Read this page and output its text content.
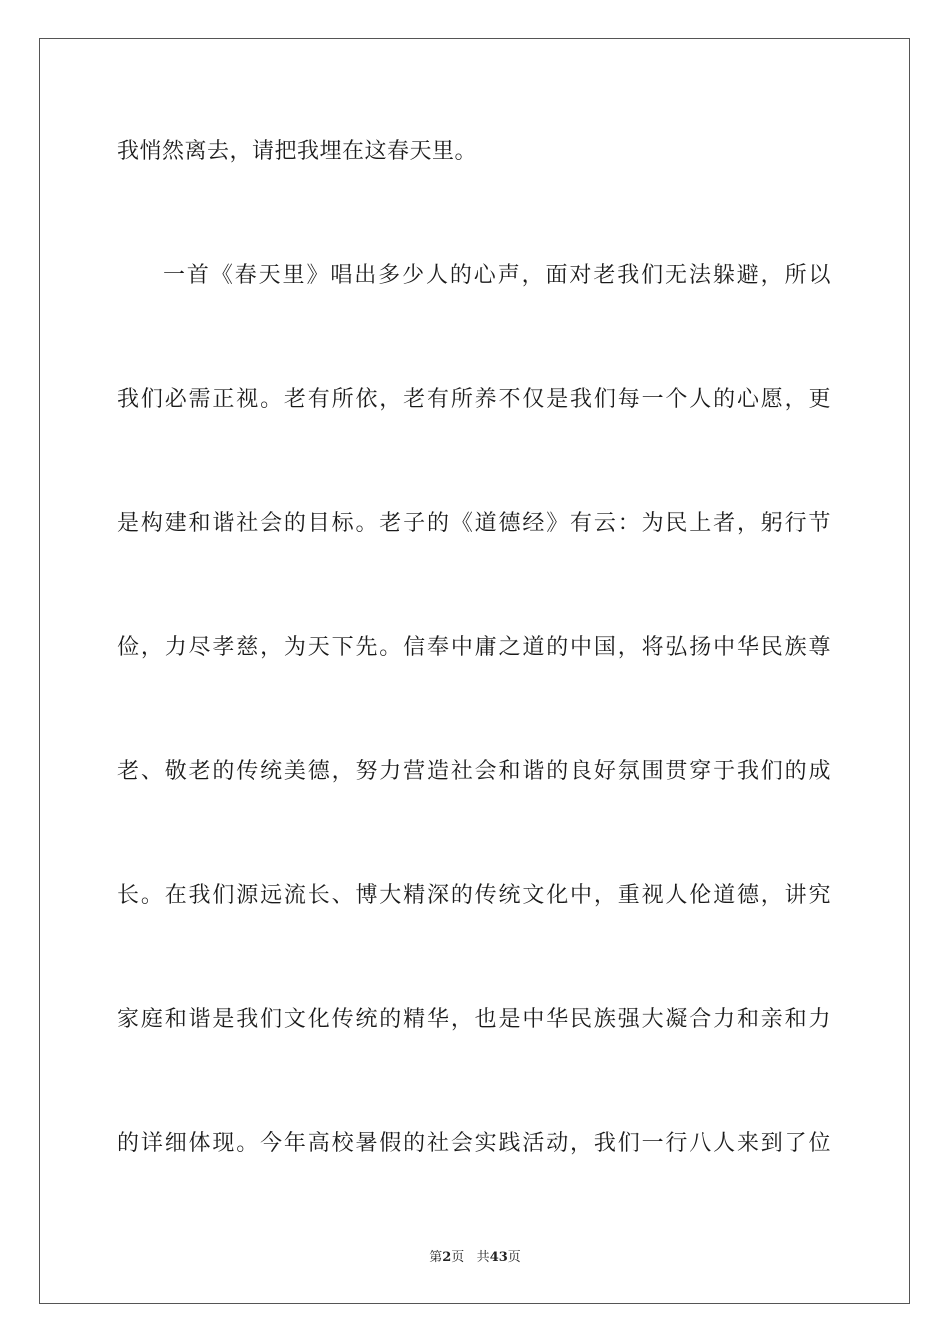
我悄然离去，请把我埋在这春天里。
一首《春天里》唱出多少人的心声，面对老我们无法躲避，所以
我们必需正视。老有所依，老有所养不仅是我们每一个人的心愿，更
是构建和谐社会的目标。老子的《道德经》有云：为民上者，躬行节
俭，力尽孝慈，为天下先。信奉中庸之道的中国，将弘扬中华民族尊
老、敬老的传统美德，努力营造社会和谐的良好氛围贯穿于我们的成
长。在我们源远流长、博大精深的传统文化中，重视人伦道德，讲究
家庭和谐是我们文化传统的精华，也是中华民族强大凝合力和亲和力
的详细体现。今年高校暑假的社会实践活动，我们一行八人来到了位
第2页 共43页
